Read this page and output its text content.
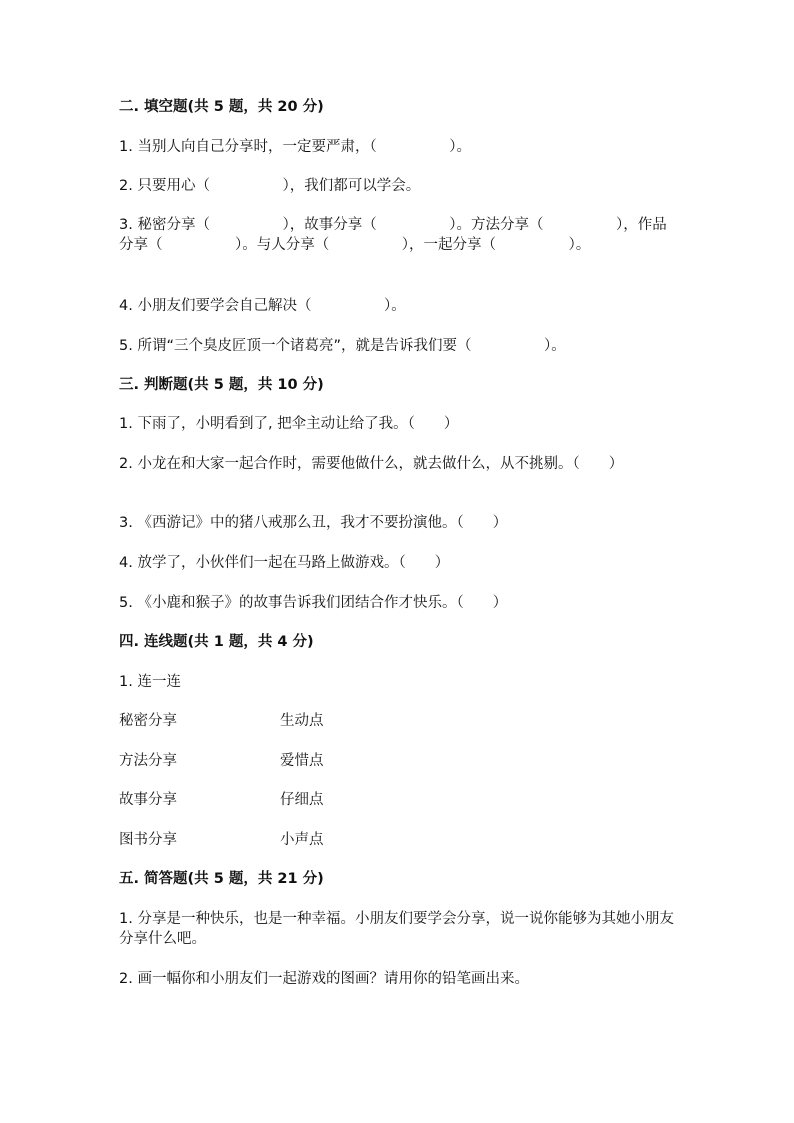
二. 填空题(共 5 题，共 20 分)
1. 当别人向自己分享时，一定要严肃，（　　　　　）。
2. 只要用心（　　　　　），我们都可以学会。
3. 秘密分享（　　　　　），故事分享（　　　　　）。方法分享（　　　　　），作品分享（　　　　　）。与人分享（　　　　　），一起分享（　　　　　）。
4. 小朋友们要学会自己解决（　　　　　）。
5. 所谓“三个臭皮匠顶一个诸葛亮”，就是告诉我们要（　　　　　）。
三. 判断题(共 5 题，共 10 分)
1. 下雨了，小明看到了, 把伞主动让给了我。（　　）
2. 小龙在和大家一起合作时，需要他做什么，就去做什么，从不挑剔。（　　）
3. 《西游记》中的猪八戒那么丑，我才不要扮演他。（　　）
4. 放学了，小伙伴们一起在马路上做游戏。（　　）
5. 《小鹿和猴子》的故事告诉我们团结合作才快乐。（　　）
四. 连线题(共 1 题，共 4 分)
1. 连一连
秘密分享	生动点
方法分享	爱惜点
故事分享	仔细点
图书分享	小声点
五. 简答题(共 5 题，共 21 分)
1. 分享是一种快乐，也是一种幸福。小朋友们要学会分享，说一说你能够为其她小朋友分享什么吧。
2. 画一幅你和小朋友们一起游戏的图画？请用你的铅笔画出来。
